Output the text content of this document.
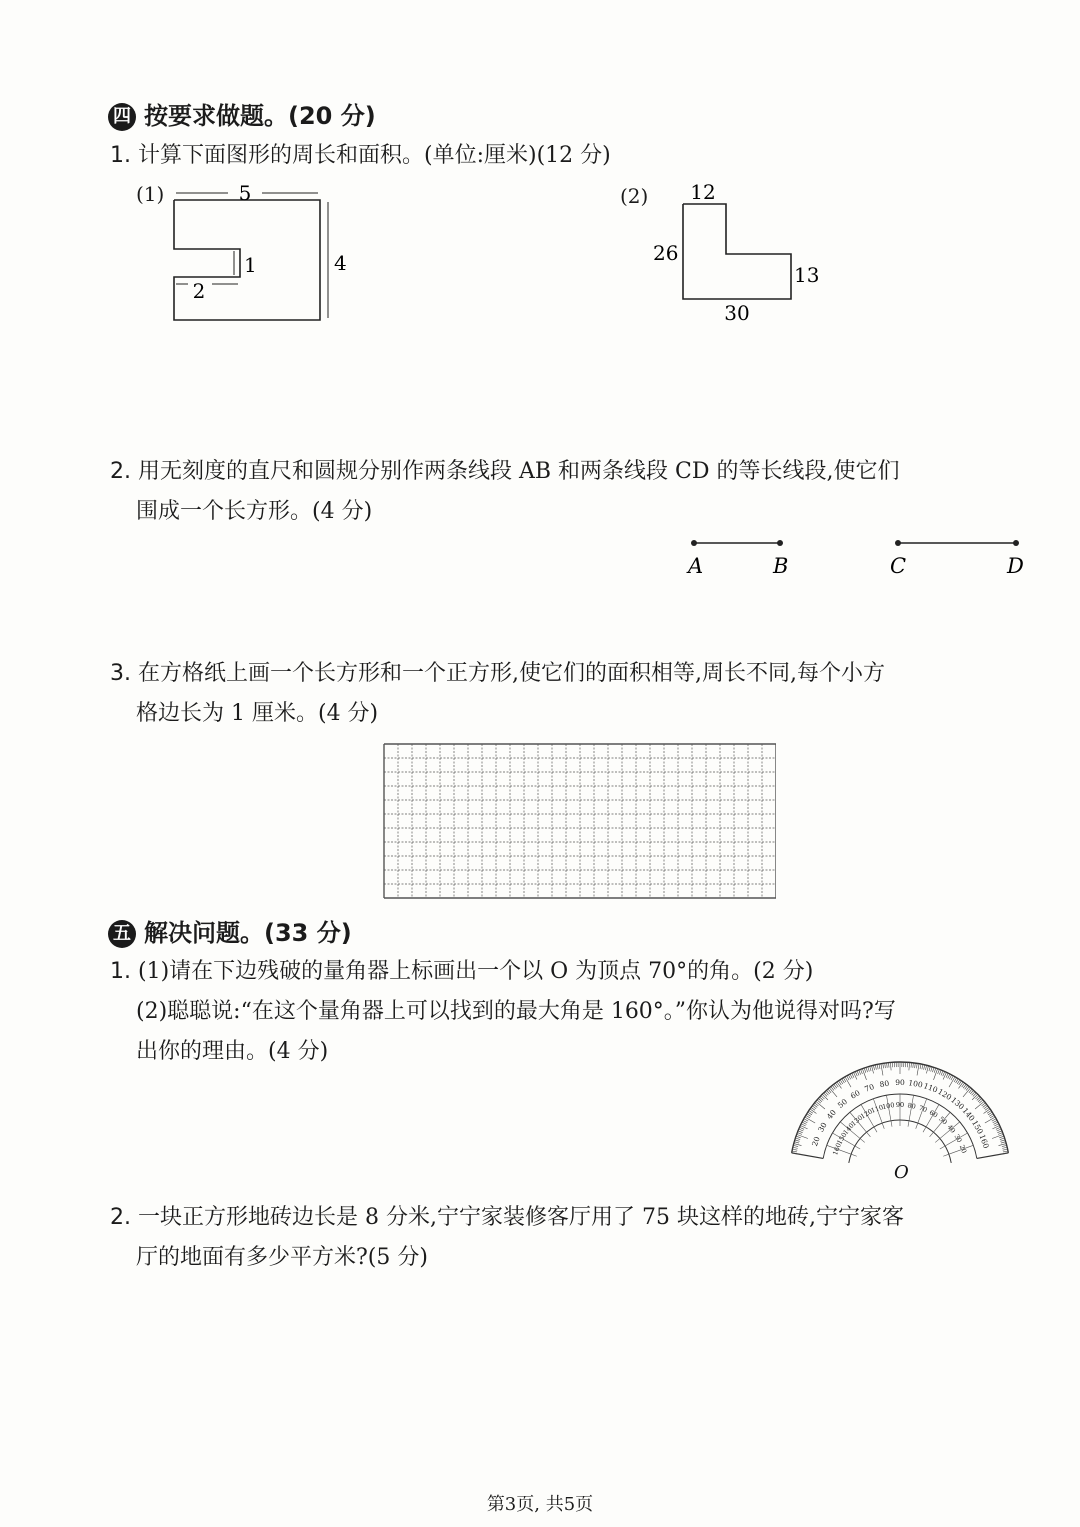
四 按要求做题。(20 分)
1. 计算下面图形的周长和面积。(单位:厘米)(12 分)
(1)	5
4
1
2
(2) 12
26
13
30
2. 用无刻度的直尺和圆规分别作两条线段 AB 和两条线段 CD 的等长线段,使它们
围成一个长方形。(4 分)
A	B	C	D
3. 在方格纸上画一个长方形和一个正方形,使它们的面积相等,周长不同,每个小方
格边长为 1 厘米。(4 分)
五 解决问题。(33 分)
1. (1)请在下边残破的量角器上标画出一个以 O 为顶点 70°的角。(2 分)
(2)聪聪说:“在这个量角器上可以找到的最大角是 160°。”你认为他说得对吗?写
出你的理由。(4 分)
20
30
40
50
60
70 80 90 100
110
120
130
140
150
160
160
150
140
130
120
110
100 90 80 70 60
50
40
30
20
O
2. 一块正方形地砖边长是 8 分米,宁宁家装修客厅用了 75 块这样的地砖,宁宁家客
厅的地面有多少平方米?(5 分)
第3页, 共5页
